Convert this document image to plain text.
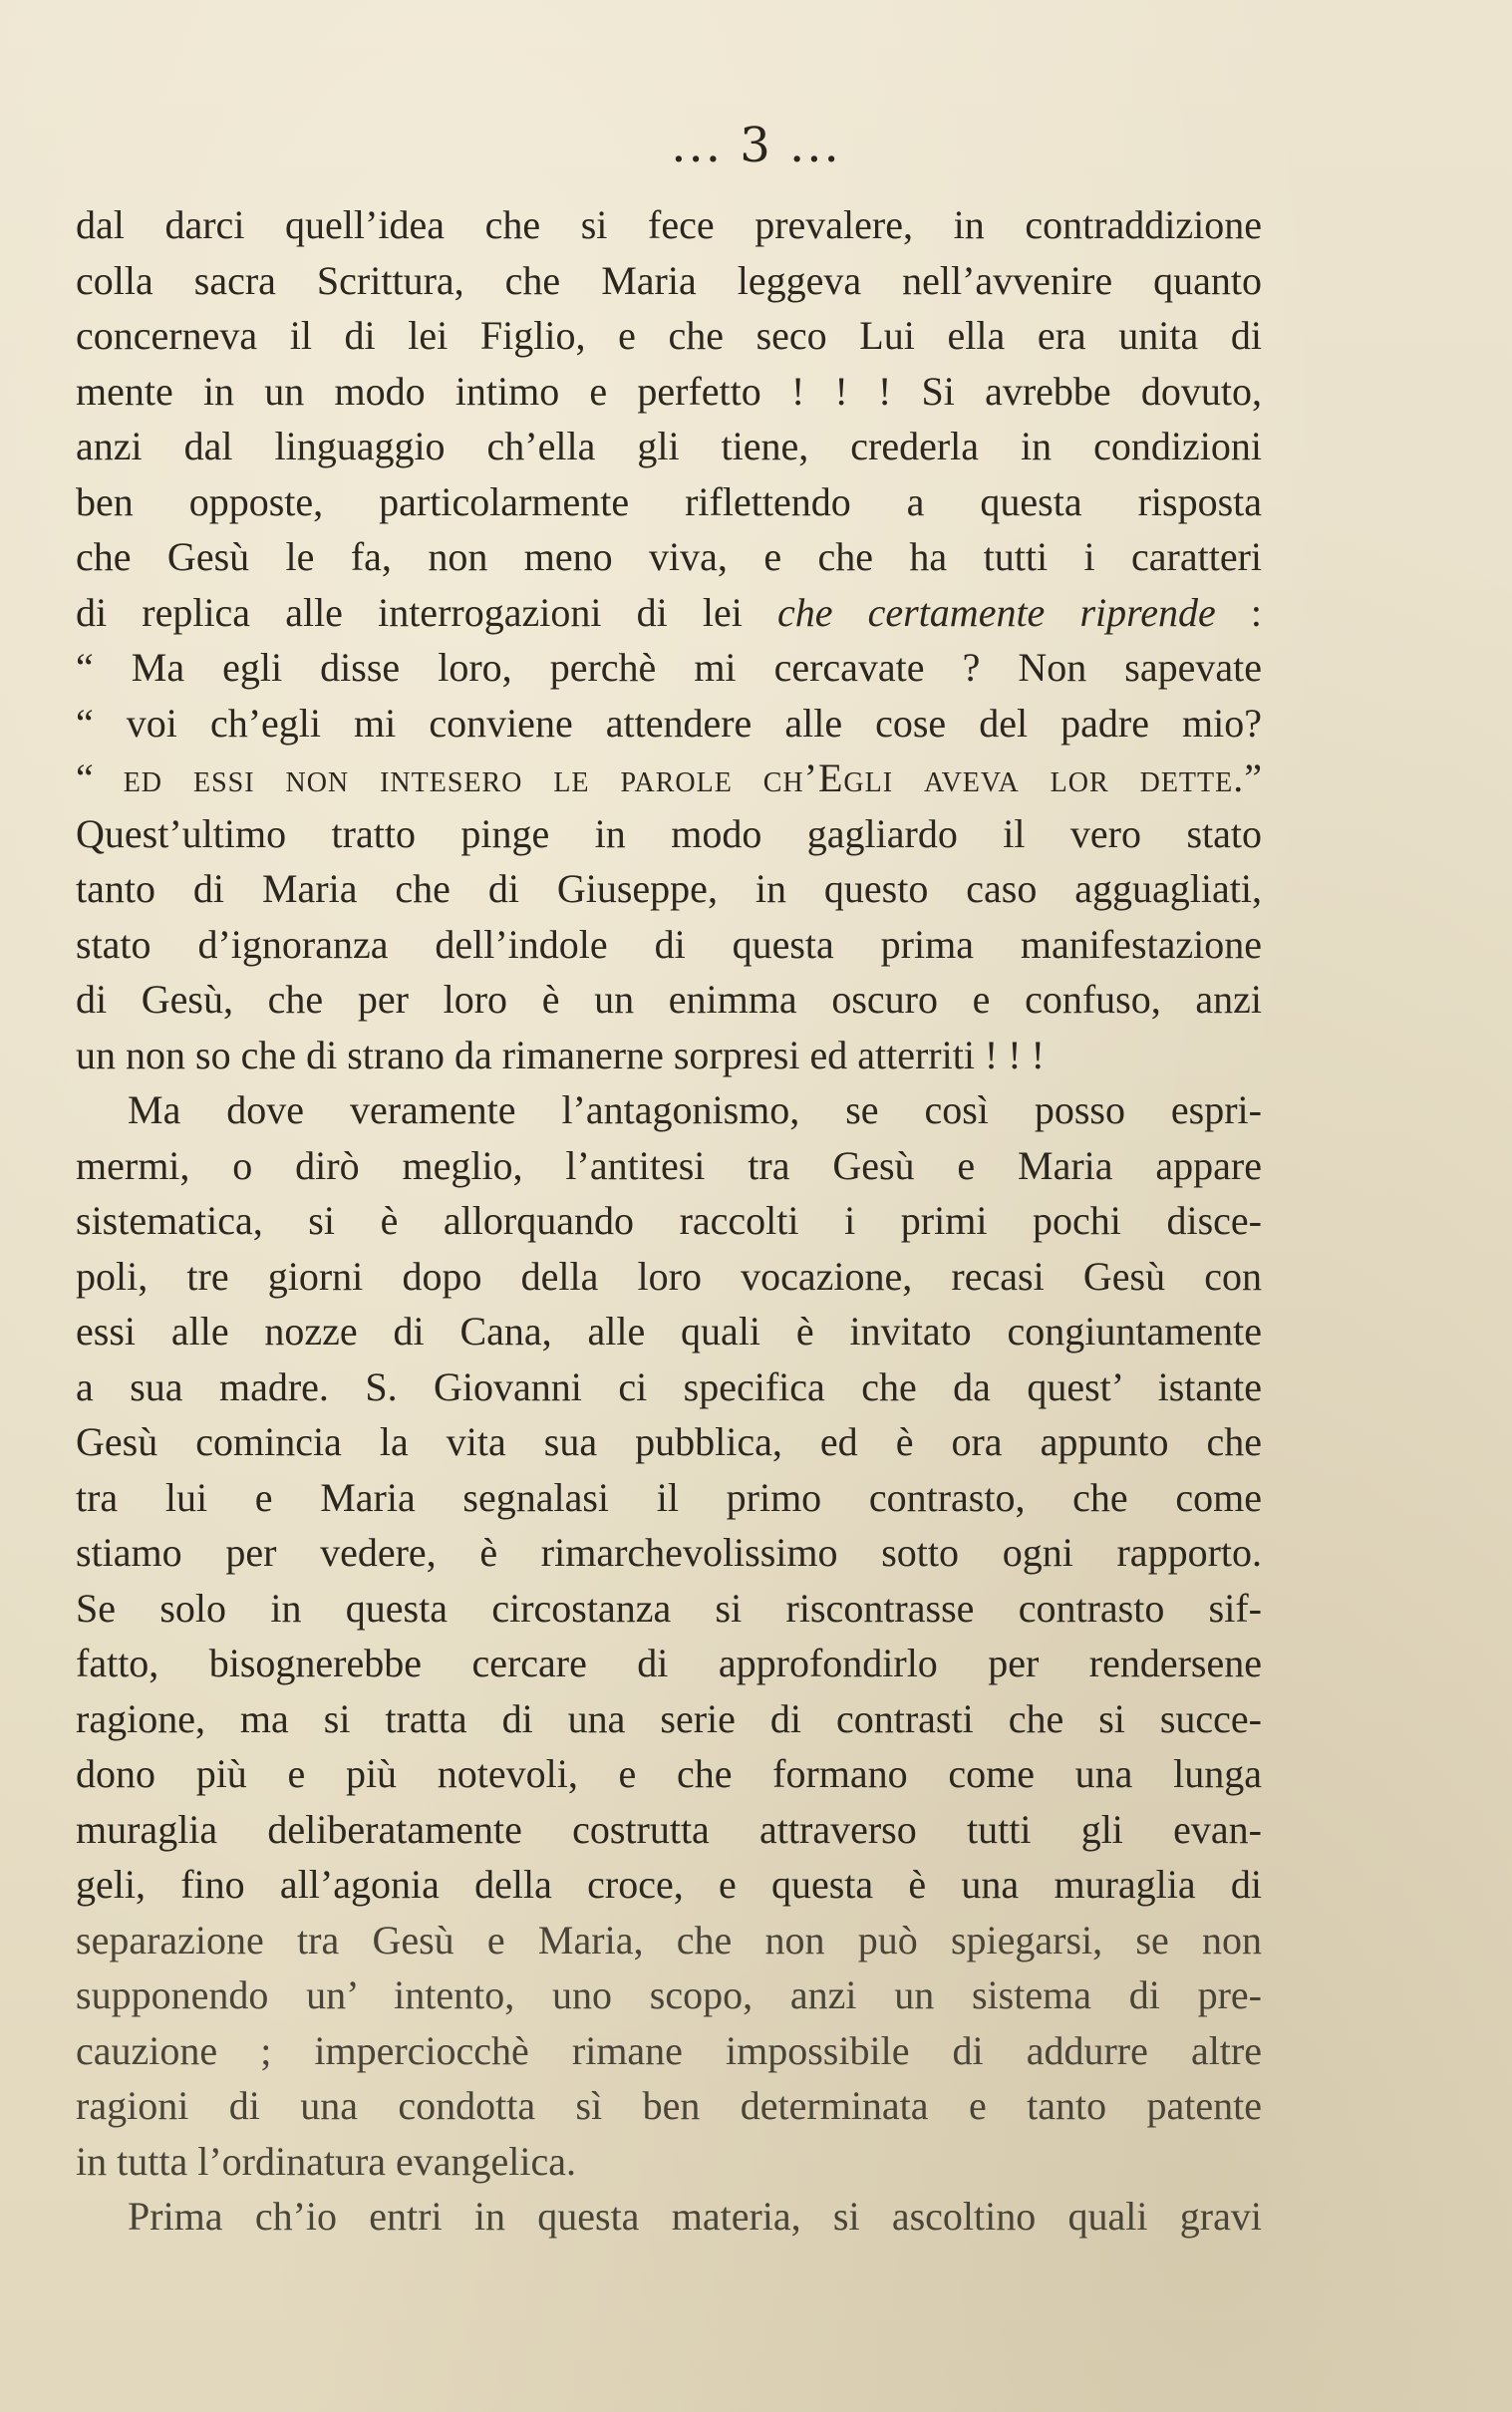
... 3 ...
dal darci quell’idea che si fece prevalere, in contraddizione
colla sacra Scrittura, che Maria leggeva nell’avvenire quanto
concerneva il di lei Figlio, e che seco Lui ella era unita di
mente in un modo intimo e perfetto ! ! ! Si avrebbe dovuto,
anzi dal linguaggio ch’ella gli tiene, crederla in condizioni
ben opposte, particolarmente riflettendo a questa risposta
che Gesù le fa, non meno viva, e che ha tutti i caratteri
di replica alle interrogazioni di lei che certamente riprende :
“ Ma egli disse loro, perchè mi cercavate ? Non sapevate
“ voi ch’egli mi conviene attendere alle cose del padre mio?
“ ed essi non intesero le parole ch’Egli aveva lor dette.”
Quest’ultimo tratto pinge in modo gagliardo il vero stato
tanto di Maria che di Giuseppe, in questo caso agguagliati,
stato d’ignoranza dell’indole di questa prima manifestazione
di Gesù, che per loro è un enimma oscuro e confuso, anzi
un non so che di strano da rimanerne sorpresi ed atterriti ! ! !
Ma dove veramente l’antagonismo, se così posso espri-
mermi, o dirò meglio, l’antitesi tra Gesù e Maria appare
sistematica, si è allorquando raccolti i primi pochi disce-
poli, tre giorni dopo della loro vocazione, recasi Gesù con
essi alle nozze di Cana, alle quali è invitato congiuntamente
a sua madre. S. Giovanni ci specifica che da quest’ istante
Gesù comincia la vita sua pubblica, ed è ora appunto che
tra lui e Maria segnalasi il primo contrasto, che come
stiamo per vedere, è rimarchevolissimo sotto ogni rapporto.
Se solo in questa circostanza si riscontrasse contrasto sif-
fatto, bisognerebbe cercare di approfondirlo per rendersene
ragione, ma si tratta di una serie di contrasti che si succe-
dono più e più notevoli, e che formano come una lunga
muraglia deliberatamente costrutta attraverso tutti gli evan-
geli, fino all’agonia della croce, e questa è una muraglia di
separazione tra Gesù e Maria, che non può spiegarsi, se non
supponendo un’ intento, uno scopo, anzi un sistema di pre-
cauzione ; imperciocchè rimane impossibile di addurre altre
ragioni di una condotta sì ben determinata e tanto patente
in tutta l’ordinatura evangelica.
Prima ch’io entri in questa materia, si ascoltino quali gravi
